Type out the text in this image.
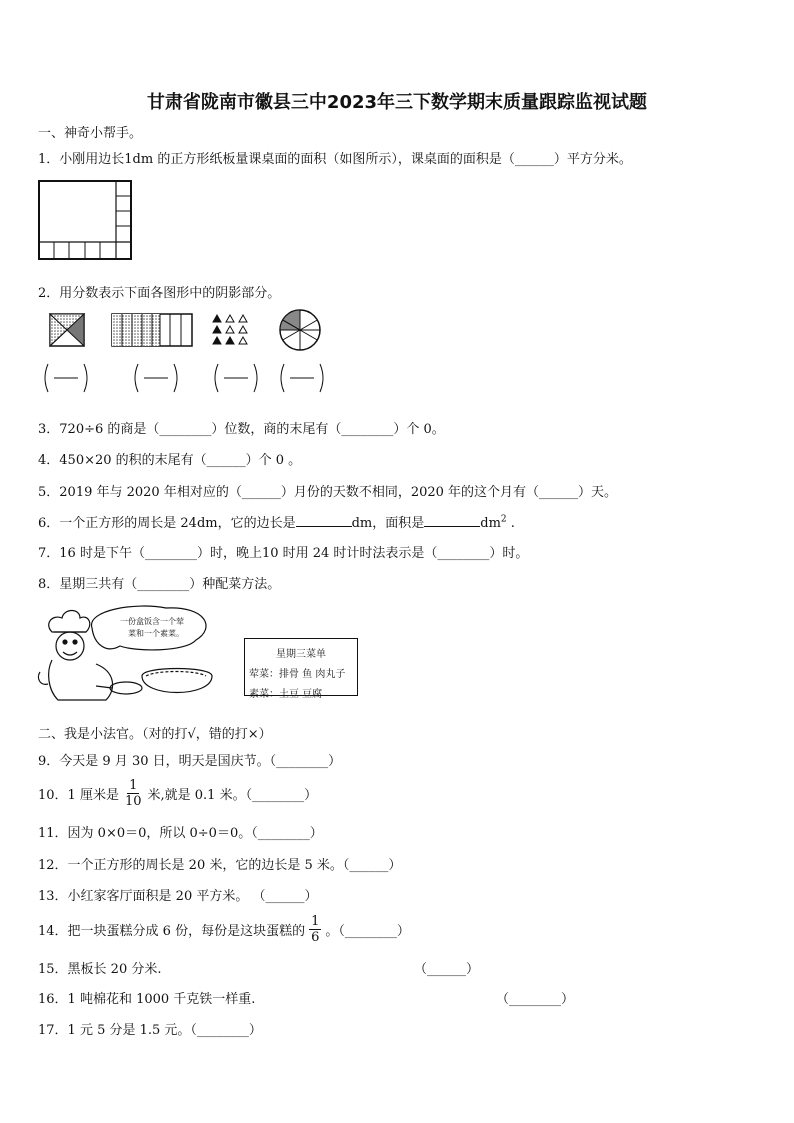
甘肃省陇南市徽县三中2023年三下数学期末质量跟踪监视试题
一、神奇小帮手。
1．小刚用边长1dm 的正方形纸板量课桌面的面积（如图所示），课桌面的面积是（______）平方分米。
2．用分数表示下面各图形中的阴影部分。
3．720÷6 的商是（________）位数，商的末尾有（________）个 0。
4．450×20 的积的末尾有（______）个 0 。
5．2019 年与 2020 年相对应的（______）月份的天数不相同，2020 年的这个月有（______）天。
6．一个正方形的周长是 24dm，它的边长是	dm，面积是	$dm^2$ .
7．16 时是下午（________）时，晚上10 时用 24 时计时法表示是（________）时。
8．星期三共有（________）种配菜方法。
一份盒饭含一个荤
菜和一个素菜。
星期三菜单
荤菜：排骨 鱼 肉丸子
素菜：土豆 豆腐
二、我是小法官。（对的打√，错的打×）
9．今天是 9 月 30 日，明天是国庆节。（________）
10．1 厘米是 $\frac{1}{10}$ 米,就是 0.1 米。（________）
11．因为 0×0＝0，所以 0÷0＝0。（________）
12．一个正方形的周长是 20 米，它的边长是 5 米。（______）
13．小红家客厅面积是 20 平方米。 （______）
14．把一块蛋糕分成 6 份，每份是这块蛋糕的 $\frac{1}{6}$ 。（________）
15．黑板长 20 分米.	（______）
16．1 吨棉花和 1000 千克铁一样重.	（________）
17．1 元 5 分是 1.5 元。（________）
